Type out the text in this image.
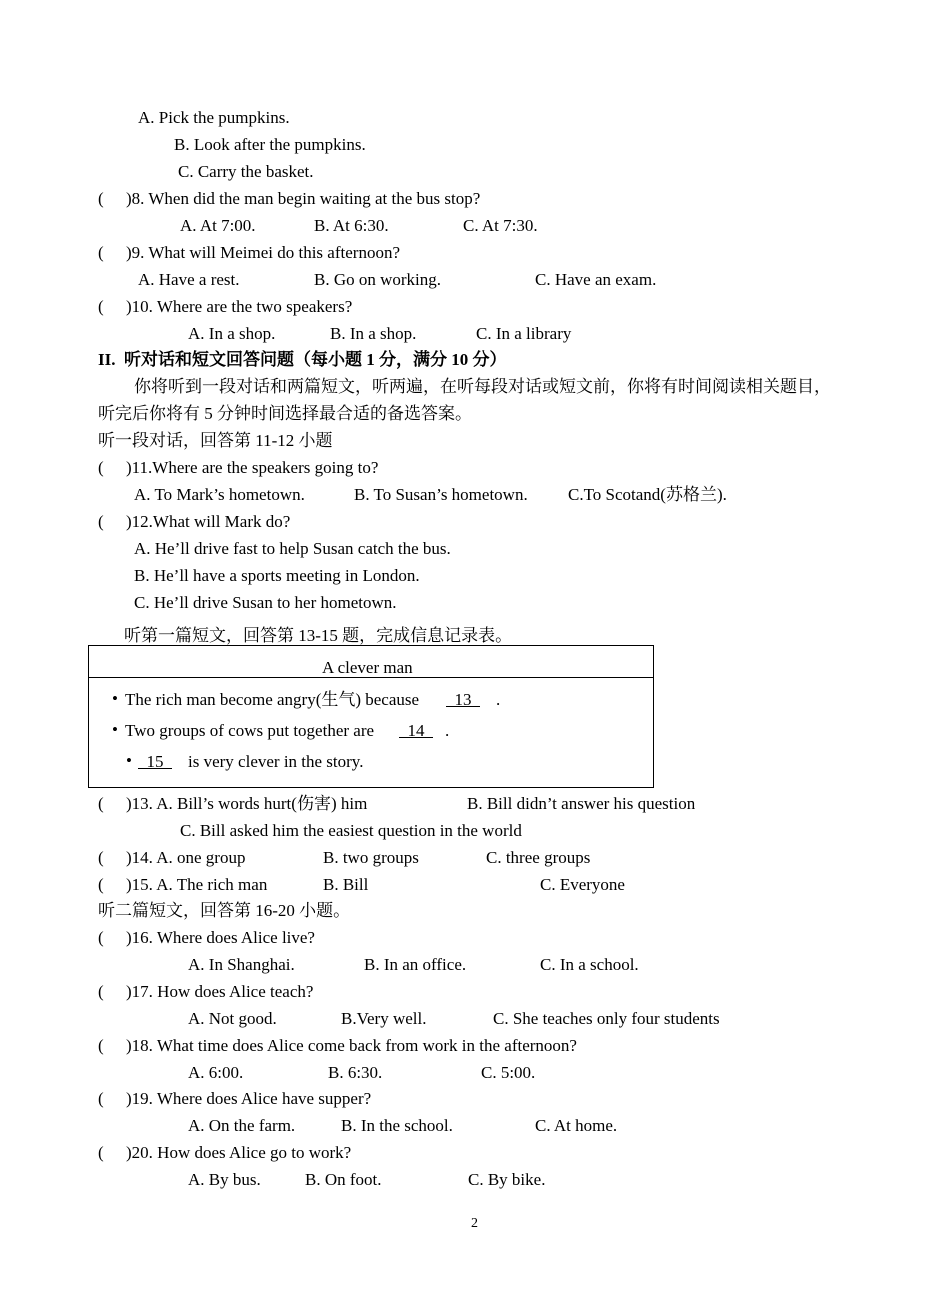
A. Pick the pumpkins.
B. Look after the pumpkins.
C. Carry the basket.
( )8. When did the man begin waiting at the bus stop?
A. At 7:00.	B. At 6:30.	C. At 7:30.
( )9. What will Meimei do this afternoon?
A. Have a rest.	B. Go on working.	C. Have an exam.
( )10. Where are the two speakers?
A. In a shop.	B. In a shop.	C. In a library
II.  听对话和短文回答问题（每小题 1 分，满分 10 分）
你将听到一段对话和两篇短文，听两遍，在听每段对话或短文前，你将有时间阅读相关题目，
听完后你将有 5 分钟时间选择最合适的备选答案。
听一段对话，回答第 11-12 小题
( )11.Where are the speakers going to?
A. To Mark’s hometown.	B. To Susan’s hometown. C.To Scotand(苏格兰).
( )12.What will Mark do?
A. He’ll drive fast to help Susan catch the bus.
B. He’ll have a sports meeting in London.
C. He’ll drive Susan to her hometown.
听第一篇短文，回答第 13-15 题，完成信息记录表。
A clever man
• The rich man become angry(生气) because 13 .
• Two groups of cows put together are 14 .
• 15 is very clever in the story.
( )13. A. Bill’s words hurt(伤害) him	B. Bill didn’t answer his question
C. Bill asked him the easiest question in the world
( )14. A. one group	B. two groups	C. three groups
( )15. A. The rich man	B. Bill	C. Everyone
听二篇短文，回答第 16-20 小题。
( )16. Where does Alice live?
A. In Shanghai.	B. In an office.	C. In a school.
( )17. How does Alice teach?
A. Not good.	B.Very well.	C. She teaches only four students
( )18. What time does Alice come back from work in the afternoon?
A. 6:00.	B. 6:30.	C. 5:00.
( )19. Where does Alice have supper?
A. On the farm.	B. In the school.	C. At home.
( )20. How does Alice go to work?
A. By bus.	B. On foot.	C. By bike.
2
